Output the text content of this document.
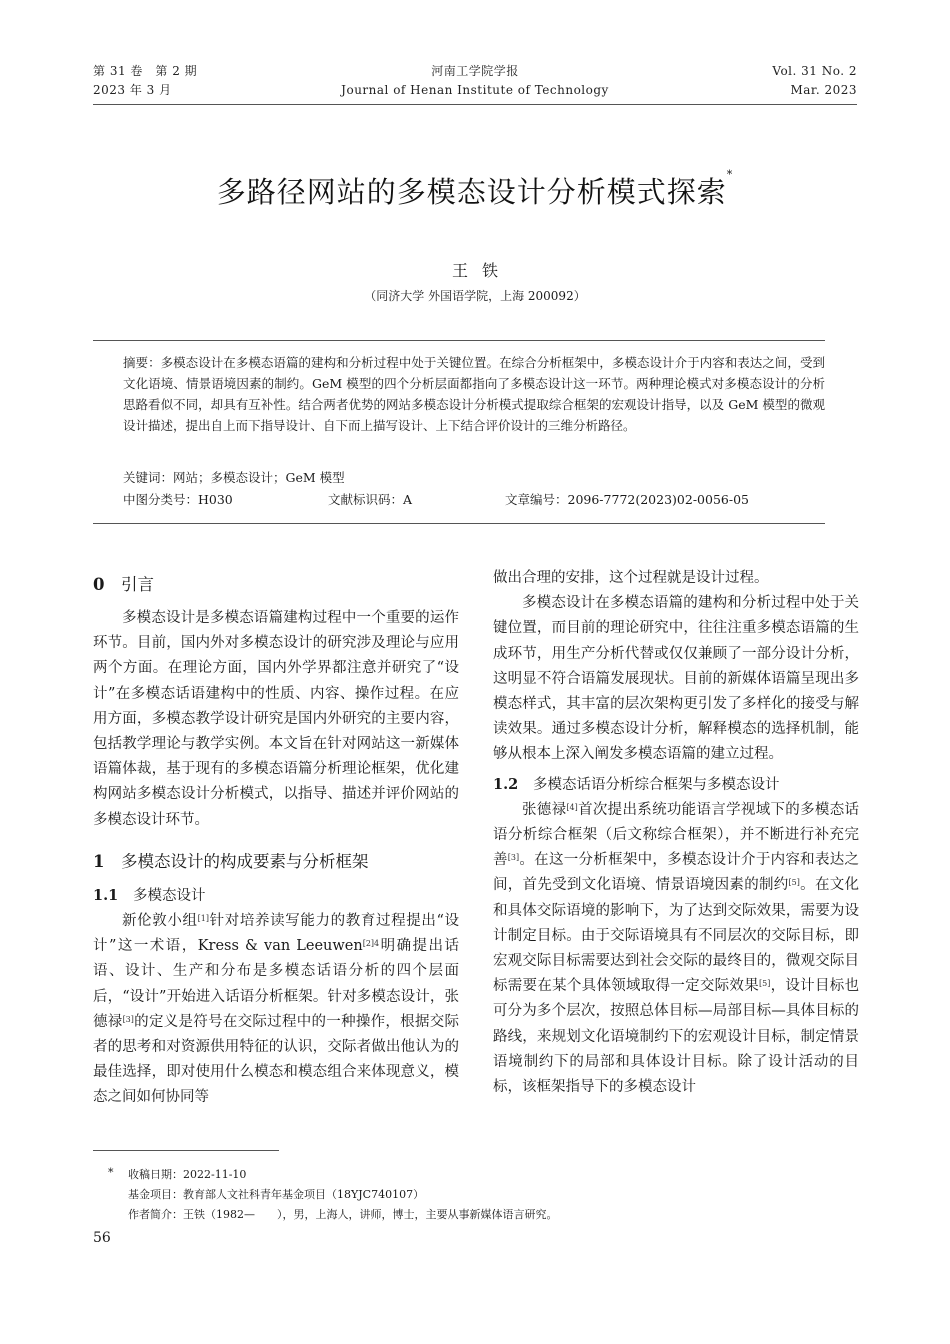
第 31 卷　第 2 期
2023 年 3 月
河南工学院学报
Journal of Henan Institute of Technology
Vol. 31 No. 2
Mar. 2023
多路径网站的多模态设计分析模式探索*
王铁
（同济大学 外国语学院，上海 200092）

摘要：多模态设计在多模态语篇的建构和分析过程中处于关键位置。在综合分析框架中，多模态设计介于内容和表达之间，受到文化语境、情景语境因素的制约。GeM 模型的四个分析层面都指向了多模态设计这一环节。两种理论模式对多模态设计的分析思路看似不同，却具有互补性。结合两者优势的网站多模态设计分析模式提取综合框架的宏观设计指导，以及 GeM 模型的微观设计描述，提出自上而下指导设计、自下而上描写设计、上下结合评价设计的三维分析路径。

关键词：网站；多模态设计；GeM 模型
中图分类号：H030	文献标识码：A	文章编号：2096-7772(2023)02-0056-05
0 引言

多模态设计是多模态语篇建构过程中一个重要的运作环节。目前，国内外对多模态设计的研究涉及理论与应用两个方面。在理论方面，国内外学界都注意并研究了“设计”在多模态话语建构中的性质、内容、操作过程。在应用方面，多模态教学设计研究是国内外研究的主要内容，包括教学理论与教学实例。本文旨在针对网站这一新媒体语篇体裁，基于现有的多模态语篇分析理论框架，优化建构网站多模态设计分析模式，以指导、描述并评价网站的多模态设计环节。

1 多模态设计的构成要素与分析框架
1.1 多模态设计

新伦敦小组[1]针对培养读写能力的教育过程提出“设计”这一术语，Kress & van Leeuwen$^{[2]4}$明确提出话语、设计、生产和分布是多模态话语分析的四个层面后，“设计”开始进入话语分析框架。针对多模态设计，张德禄[3]的定义是符号在交际过程中的一种操作，根据交际者的思考和对资源供用特征的认识，交际者做出他认为的最佳选择，即对使用什么模态和模态组合来体现意义，模态之间如何协同等

做出合理的安排，这个过程就是设计过程。

多模态设计在多模态语篇的建构和分析过程中处于关键位置，而目前的理论研究中，往往注重多模态语篇的生成环节，用生产分析代替或仅仅兼顾了一部分设计分析，这明显不符合语篇发展现状。目前的新媒体语篇呈现出多模态样式，其丰富的层次架构更引发了多样化的接受与解读效果。通过多模态设计分析，解释模态的选择机制，能够从根本上深入阐发多模态语篇的建立过程。

1.2 多模态话语分析综合框架与多模态设计

张德禄[4]首次提出系统功能语言学视域下的多模态话语分析综合框架（后文称综合框架），并不断进行补充完善[3]。在这一分析框架中，多模态设计介于内容和表达之间，首先受到文化语境、情景语境因素的制约[5]。在文化和具体交际语境的影响下，为了达到交际效果，需要为设计制定目标。由于交际语境具有不同层次的交际目标，即宏观交际目标需要达到社会交际的最终目的，微观交际目标需要在某个具体领域取得一定交际效果[5]，设计目标也可分为多个层次，按照总体目标—局部目标—具体目标的路线，来规划文化语境制约下的宏观设计目标，制定情景语境制约下的局部和具体设计目标。除了设计活动的目标，该框架指导下的多模态设计

* 收稿日期：2022-11-10
基金项目：教育部人文社科青年基金项目（18YJC740107）
作者简介：王铁（1982—　　），男，上海人，讲师，博士，主要从事新媒体语言研究。
56
